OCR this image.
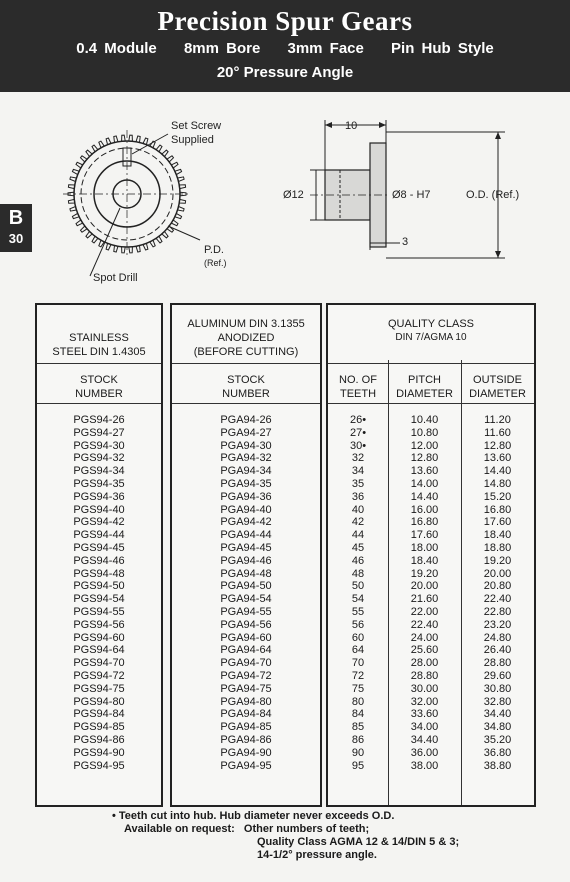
Precision Spur Gears
0.4 Module 8mm Bore 3mm Face Pin Hub Style
20° Pressure Angle
B
30
Set Screw
Supplied
P.D.
(Ref.)
Spot Drill
10
Ø12	Ø8 - H7	O.D. (Ref.)
3
STAINLESS
STEEL DIN 1.4305
STOCK
NUMBER
PGS94-26
PGS94-27
PGS94-30
PGS94-32
PGS94-34
PGS94-35
PGS94-36
PGS94-40
PGS94-42
PGS94-44
PGS94-45
PGS94-46
PGS94-48
PGS94-50
PGS94-54
PGS94-55
PGS94-56
PGS94-60
PGS94-64
PGS94-70
PGS94-72
PGS94-75
PGS94-80
PGS94-84
PGS94-85
PGS94-86
PGS94-90
PGS94-95
ALUMINUM DIN 3.1355
ANODIZED
(BEFORE CUTTING)
STOCK
NUMBER
PGA94-26
PGA94-27
PGA94-30
PGA94-32
PGA94-34
PGA94-35
PGA94-36
PGA94-40
PGA94-42
PGA94-44
PGA94-45
PGA94-46
PGA94-48
PGA94-50
PGA94-54
PGA94-55
PGA94-56
PGA94-60
PGA94-64
PGA94-70
PGA94-72
PGA94-75
PGA94-80
PGA94-84
PGA94-85
PGA94-86
PGA94-90
PGA94-95
QUALITY CLASS
DIN 7/AGMA 10
NO. OF
TEETH
PITCH
DIAMETER
OUTSIDE
DIAMETER
26•
27•
30•
32
34
35
36
40
42
44
45
46
48
50
54
55
56
60
64
70
72
75
80
84
85
86
90
95
10.40
10.80
12.00
12.80
13.60
14.00
14.40
16.00
16.80
17.60
18.00
18.40
19.20
20.00
21.60
22.00
22.40
24.00
25.60
28.00
28.80
30.00
32.00
33.60
34.00
34.40
36.00
38.00
11.20
11.60
12.80
13.60
14.40
14.80
15.20
16.80
17.60
18.40
18.80
19.20
20.00
20.80
22.40
22.80
23.20
24.80
26.40
28.80
29.60
30.80
32.80
34.40
34.80
35.20
36.80
38.80
• Teeth cut into hub. Hub diameter never exceeds O.D.
Available on request: Other numbers of teeth;
Quality Class AGMA 12 & 14/DIN 5 & 3;
14-1/2° pressure angle.
